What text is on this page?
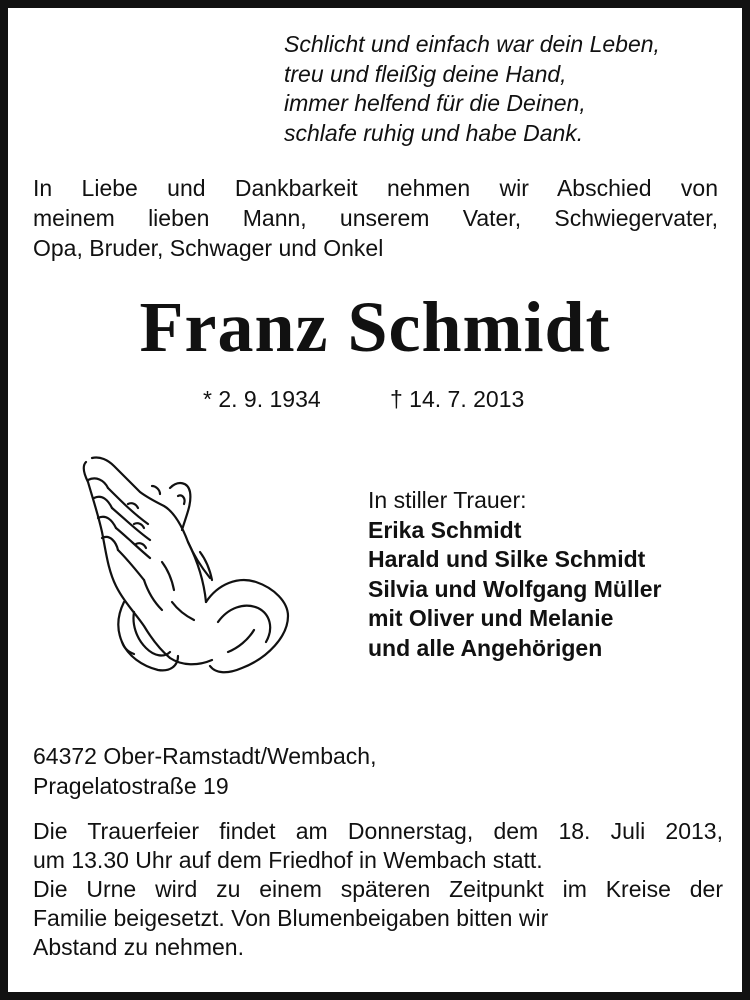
Schlicht und einfach war dein Leben,
treu und fleißig deine Hand,
immer helfend für die Deinen,
schlafe ruhig und habe Dank.
In Liebe und Dankbarkeit nehmen wir Abschied von
meinem lieben Mann, unserem Vater, Schwiegervater,
Opa, Bruder, Schwager und Onkel
Franz Schmidt
* 2. 9. 1934	† 14. 7. 2013
In stiller Trauer:
Erika Schmidt
Harald und Silke Schmidt
Silvia und Wolfgang Müller
mit Oliver und Melanie
und alle Angehörigen
64372 Ober-Ramstadt/Wembach,
Pragelatostraße 19
Die Trauerfeier findet am Donnerstag, dem 18. Juli 2013,
um 13.30 Uhr auf dem Friedhof in Wembach statt.
Die Urne wird zu einem späteren Zeitpunkt im Kreise der
Familie beigesetzt. Von Blumenbeigaben bitten wir
Abstand zu nehmen.
